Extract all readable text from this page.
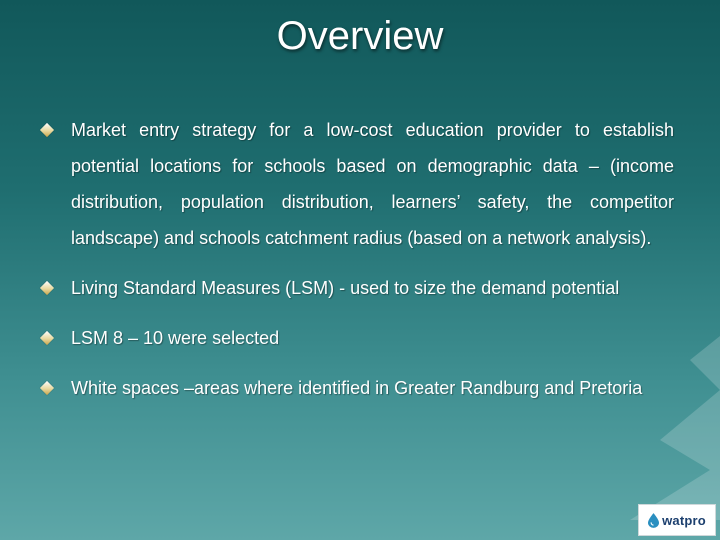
Overview
Market entry strategy for a low-cost education provider to establish potential locations for schools based on demographic data – (income distribution, population distribution, learners’ safety, the competitor landscape) and schools catchment radius (based on a network analysis).
Living Standard Measures (LSM) - used to size the demand potential
LSM 8 – 10 were selected
White spaces –areas where identified in Greater Randburg and Pretoria
watpro
